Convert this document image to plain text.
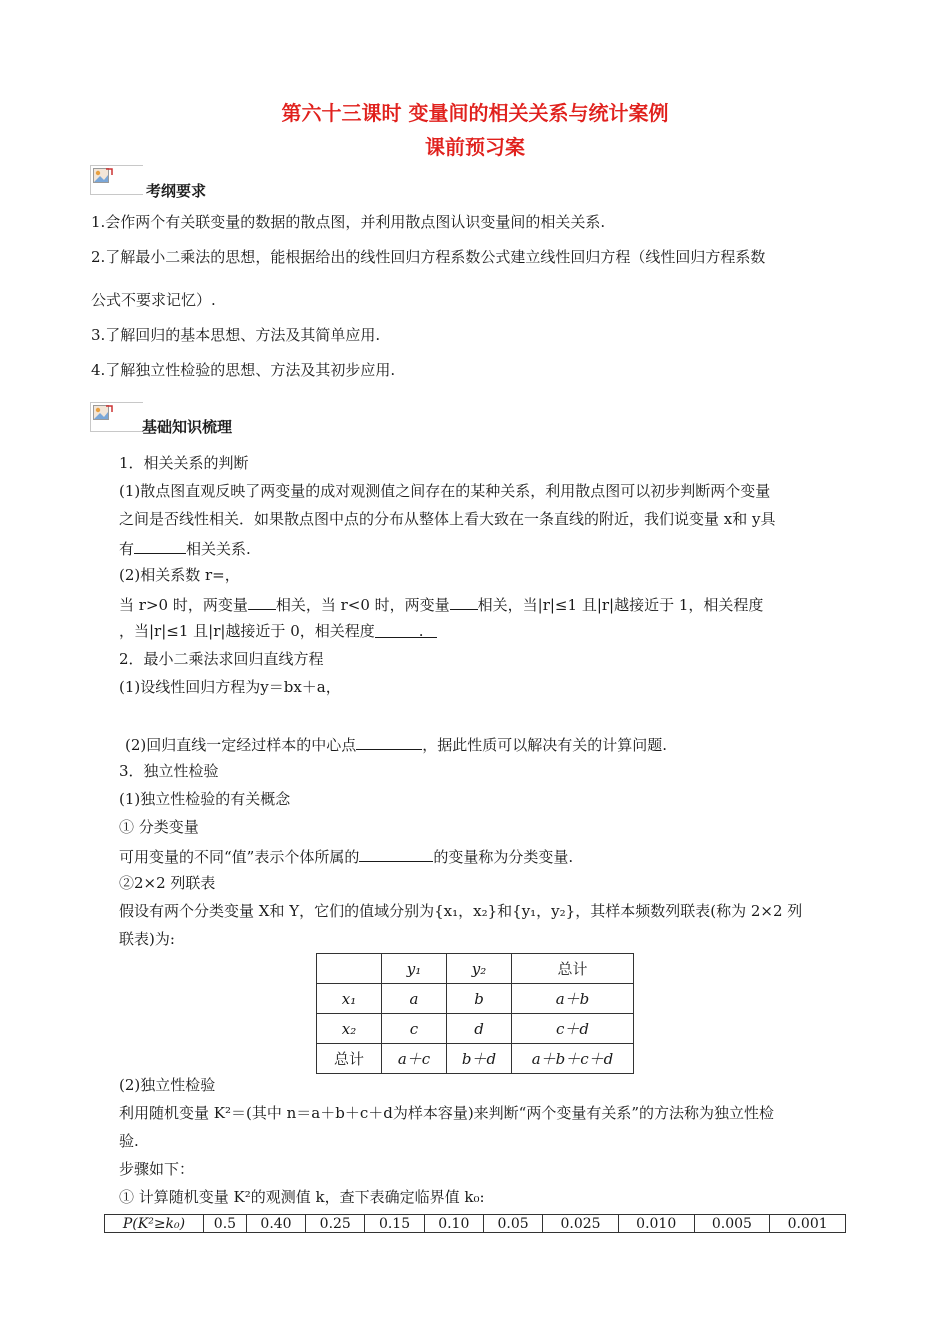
第六十三课时 变量间的相关关系与统计案例
课前预习案
考纲要求
1.会作两个有关联变量的数据的散点图，并利用散点图认识变量间的相关关系.
2.了解最小二乘法的思想，能根据给出的线性回归方程系数公式建立线性回归方程（线性回归方程系数
公式不要求记忆）.
3.了解回归的基本思想、方法及其简单应用.
4.了解独立性检验的思想、方法及其初步应用.
基础知识梳理
1．相关关系的判断
(1)散点图直观反映了两变量的成对观测值之间存在的某种关系，利用散点图可以初步判断两个变量
之间是否线性相关．如果散点图中点的分布从整体上看大致在一条直线的附近，我们说变量 x和 y具
有	相关关系.
(2)相关系数 r=，
当 r>0 时，两变量 相关，当 r<0 时，两变量 相关，当|r|≤1 且|r|越接近于 1，相关程度
，当|r|≤1 且|r|越接近于 0，相关程度	.
2．最小二乘法求回归直线方程
(1)设线性回归方程为y＝bx＋a，
(2)回归直线一定经过样本的中心点	，据此性质可以解决有关的计算问题.
3．独立性检验
(1)独立性检验的有关概念
① 分类变量
可用变量的不同“值”表示个体所属的	的变量称为分类变量.
②2×2 列联表
假设有两个分类变量 X和 Y，它们的值域分别为{x₁，x₂}和{y₁，y₂}，其样本频数列联表(称为 2×2 列
联表)为:
	y₁	y₂	总计
x₁	a	b	a＋b
x₂	c	d	c＋d
总计	a＋c	b＋d	a＋b＋c＋d
(2)独立性检验
利用随机变量 K²＝(其中 n＝a＋b＋c＋d为样本容量)来判断“两个变量有关系”的方法称为独立性检
验.
步骤如下：
① 计算随机变量 K²的观测值 k，查下表确定临界值 k₀:
P(K²≥k₀)	0.5	0.40	0.25	0.15	0.10	0.05	0.025	0.010	0.005	0.001
